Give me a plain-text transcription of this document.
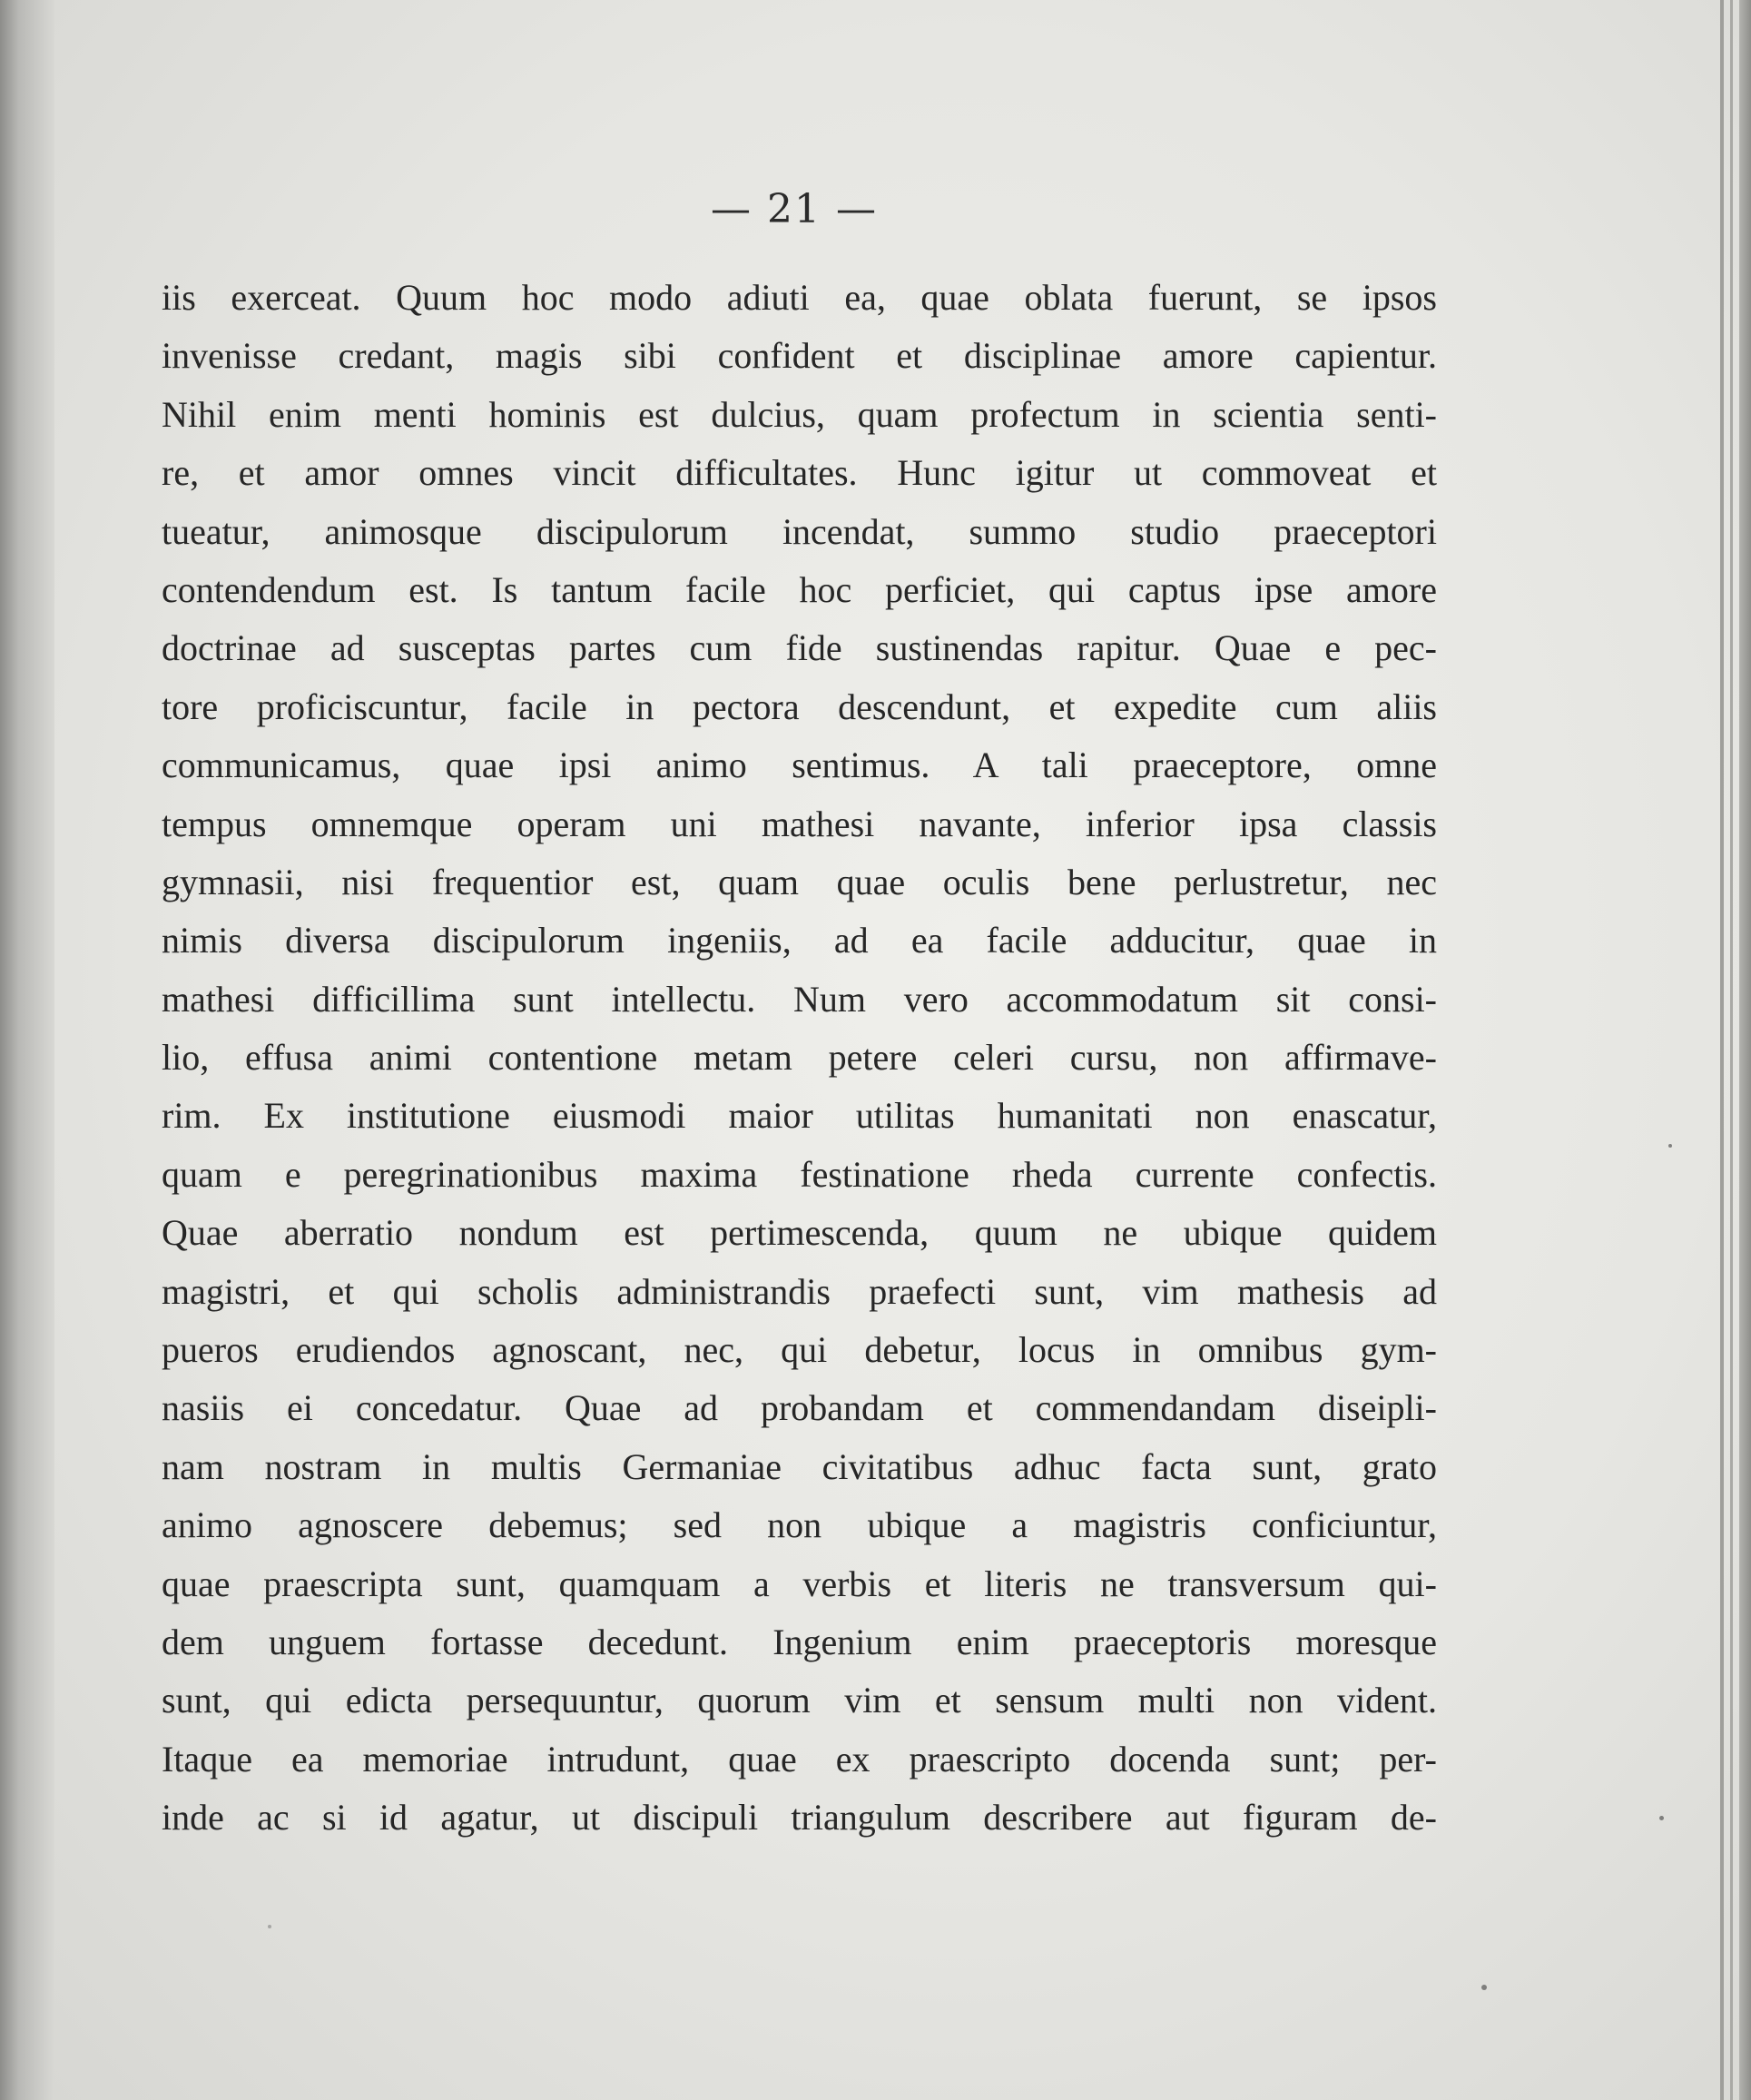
— 21 —
iis exerceat. Quum hoc modo adiuti ea, quae oblata fuerunt, se ipsos
invenisse credant, magis sibi confident et disciplinae amore capientur.
Nihil enim menti hominis est dulcius, quam profectum in scientia senti-
re, et amor omnes vincit difficultates. Hunc igitur ut commoveat et
tueatur, animosque discipulorum incendat, summo studio praeceptori
contendendum est. Is tantum facile hoc perficiet, qui captus ipse amore
doctrinae ad susceptas partes cum fide sustinendas rapitur. Quae e pec-
tore proficiscuntur, facile in pectora descendunt, et expedite cum aliis
communicamus, quae ipsi animo sentimus. A tali praeceptore, omne
tempus omnemque operam uni mathesi navante, inferior ipsa classis
gymnasii, nisi frequentior est, quam quae oculis bene perlustretur, nec
nimis diversa discipulorum ingeniis, ad ea facile adducitur, quae in
mathesi difficillima sunt intellectu. Num vero accommodatum sit consi-
lio, effusa animi contentione metam petere celeri cursu, non affirmave-
rim. Ex institutione eiusmodi maior utilitas humanitati non enascatur,
quam e peregrinationibus maxima festinatione rheda currente confectis.
Quae aberratio nondum est pertimescenda, quum ne ubique quidem
magistri, et qui scholis administrandis praefecti sunt, vim mathesis ad
pueros erudiendos agnoscant, nec, qui debetur, locus in omnibus gym-
nasiis ei concedatur. Quae ad probandam et commendandam diseipli-
nam nostram in multis Germaniae civitatibus adhuc facta sunt, grato
animo agnoscere debemus; sed non ubique a magistris conficiuntur,
quae praescripta sunt, quamquam a verbis et literis ne transversum qui-
dem unguem fortasse decedunt. Ingenium enim praeceptoris moresque
sunt, qui edicta persequuntur, quorum vim et sensum multi non vident.
Itaque ea memoriae intrudunt, quae ex praescripto docenda sunt; per-
inde ac si id agatur, ut discipuli triangulum describere aut figuram de-
